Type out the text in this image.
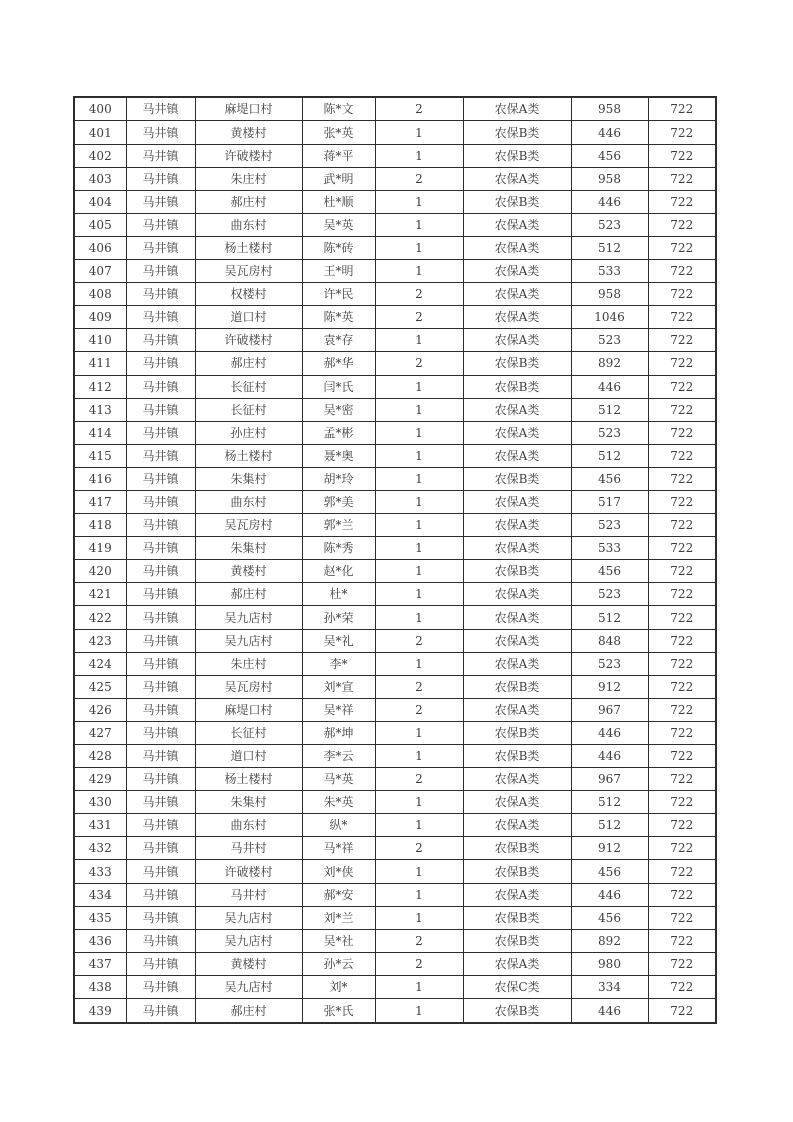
400	马井镇	麻堤口村	陈*文	2	农保A类	958	722
401	马井镇	黄楼村	张*英	1	农保B类	446	722
402	马井镇	许破楼村	蒋*平	1	农保B类	456	722
403	马井镇	朱庄村	武*明	2	农保A类	958	722
404	马井镇	郝庄村	杜*顺	1	农保B类	446	722
405	马井镇	曲东村	吴*英	1	农保A类	523	722
406	马井镇	杨土楼村	陈*砖	1	农保A类	512	722
407	马井镇	吴瓦房村	王*明	1	农保A类	533	722
408	马井镇	权楼村	许*民	2	农保A类	958	722
409	马井镇	道口村	陈*英	2	农保A类	1046	722
410	马井镇	许破楼村	袁*存	1	农保A类	523	722
411	马井镇	郝庄村	郝*华	2	农保B类	892	722
412	马井镇	长征村	闫*氏	1	农保B类	446	722
413	马井镇	长征村	吴*密	1	农保A类	512	722
414	马井镇	孙庄村	孟*彬	1	农保A类	523	722
415	马井镇	杨土楼村	聂*奥	1	农保A类	512	722
416	马井镇	朱集村	胡*玲	1	农保B类	456	722
417	马井镇	曲东村	郭*美	1	农保A类	517	722
418	马井镇	吴瓦房村	郭*兰	1	农保A类	523	722
419	马井镇	朱集村	陈*秀	1	农保A类	533	722
420	马井镇	黄楼村	赵*化	1	农保B类	456	722
421	马井镇	郝庄村	杜*	1	农保A类	523	722
422	马井镇	吴九店村	孙*荣	1	农保A类	512	722
423	马井镇	吴九店村	吴*礼	2	农保A类	848	722
424	马井镇	朱庄村	李*	1	农保A类	523	722
425	马井镇	吴瓦房村	刘*宣	2	农保B类	912	722
426	马井镇	麻堤口村	吴*祥	2	农保A类	967	722
427	马井镇	长征村	郝*坤	1	农保B类	446	722
428	马井镇	道口村	李*云	1	农保B类	446	722
429	马井镇	杨土楼村	马*英	2	农保A类	967	722
430	马井镇	朱集村	朱*英	1	农保A类	512	722
431	马井镇	曲东村	纵*	1	农保A类	512	722
432	马井镇	马井村	马*祥	2	农保B类	912	722
433	马井镇	许破楼村	刘*侠	1	农保B类	456	722
434	马井镇	马井村	郝*安	1	农保A类	446	722
435	马井镇	吴九店村	刘*兰	1	农保B类	456	722
436	马井镇	吴九店村	吴*社	2	农保B类	892	722
437	马井镇	黄楼村	孙*云	2	农保A类	980	722
438	马井镇	吴九店村	刘*	1	农保C类	334	722
439	马井镇	郝庄村	张*氏	1	农保B类	446	722
